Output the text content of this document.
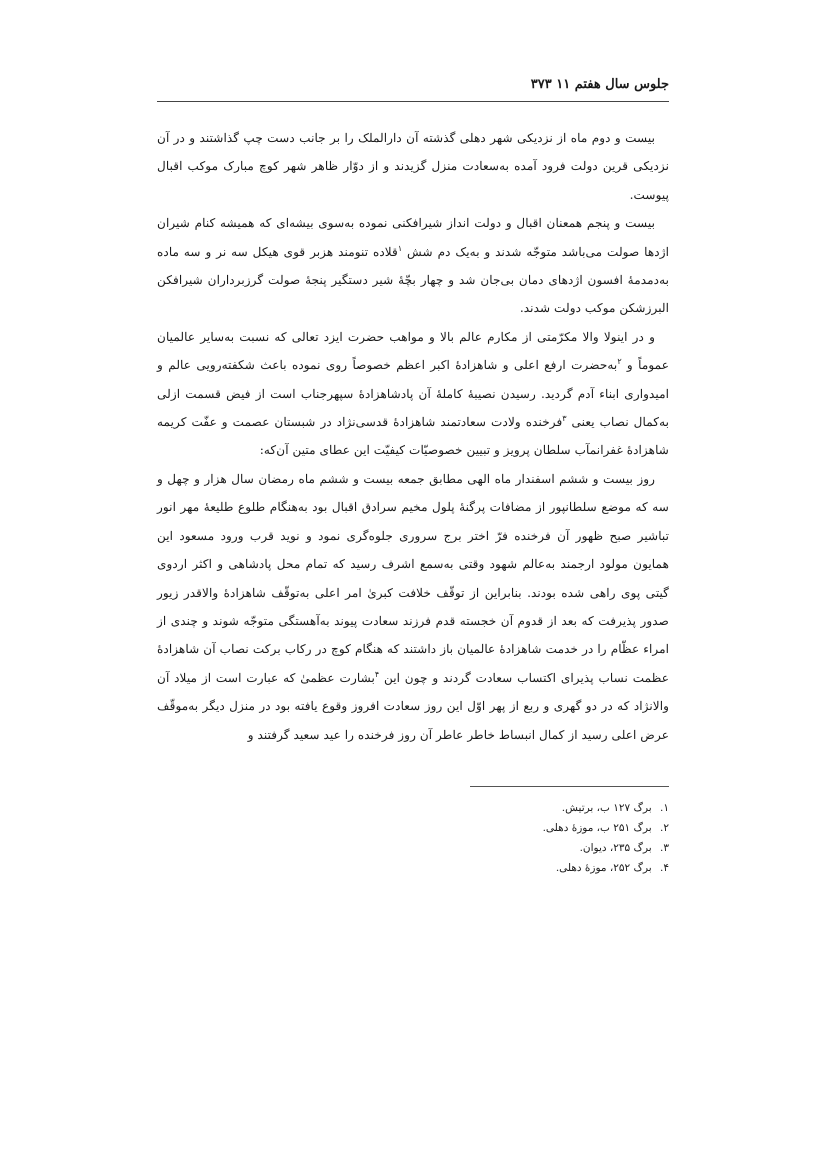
جلوس سال هفتم ۱۱ ۳۷۳

بیست و دوم ماه از نزدیکی شهر دهلی گذشته آن دارالملک را بر جانب دست چپ گذاشتند و در آن نزدیکی قرین دولت فرود آمده به‌سعادت منزل گزیدند و از دوّار ظاهر شهر کوچ مبارک موکب اقبال پیوست.

بیست و پنجم همعنان اقبال و دولت انداز شیرافکنی نموده به‌سوی بیشه‌ای که همیشه کنام شیران اژدها صولت می‌باشد متوجّه شدند و به‌یک دم شش $^۱$قلاده تنومند هزبر قوی هیکل سه نر و سه ماده به‌دمدمهٔ افسون اژدهای دمان بی‌جان شد و چهار بچّهٔ شیر دستگیر پنجهٔ صولت گرزبرداران شیرافکن البرزشکن موکب دولت شدند.

و در اینولا والا مکرّمتی از مکارم عالم بالا و مواهب حضرت ایزد تعالی که نسبت به‌سایر عالمیان عموماً و $^۲$به‌حضرت ارفع اعلی و شاهزادهٔ اکبر اعظم خصوصاً روی نموده باعث شکفته‌رویی عالم و امیدواری ابناء آدم گردید. رسیدن نصیبهٔ کاملهٔ آن پادشاهزادهٔ سپهرجناب است از فیض قسمت ازلی به‌کمال نصاب یعنی $^۳$فرخنده ولادت سعادتمند شاهزادهٔ قدسی‌نژاد در شبستان عصمت و عفّت کریمه شاهزادهٔ غفرانمآب سلطان پرویز و تبیین خصوصیّات کیفیّت این عطای متین آن‌که:

روز بیست و ششم اسفندار ماه الهی مطابق جمعه بیست و ششم ماه رمضان سال هزار و چهل و سه که موضع سلطانپور از مضافات پرگنهٔ پلول مخیم سرادق اقبال بود به‌هنگام طلوع طلیعهٔ مهر انور تباشیر صبح ظهور آن فرخنده فرّ اختر برج سروری جلوه‌گری نمود و نوید قرب ورود مسعود این همایون مولود ارجمند به‌عالم شهود وقتی به‌سمع اشرف رسید که تمام محل پادشاهی و اکثر اردوی گیتی پوی راهی شده بودند. بنابراین از توقّف خلافت کبریٰ امر اعلی به‌توقّف شاهزادهٔ والاقدر زیور صدور پذیرفت که بعد از قدوم آن خجسته قدم فرزند سعادت پیوند به‌آهستگی متوجّه شوند و چندی از امراء عظّام را در خدمت شاهزادهٔ عالمیان باز داشتند که هنگام کوچ در رکاب برکت نصاب آن شاهزادهٔ عظمت نساب پذیرای اکتساب سعادت گردند و چون این $^۴$بشارت عظمیٰ که عبارت است از میلاد آن والانژاد که در دو گهری و ربع از پهر اوّل این روز سعادت افروز وقوع یافته بود در منزل دیگر به‌موقّف عرض اعلی رسید از کمال انبساط خاطر عاطر آن روز فرخنده را عید سعید گرفتند و

۱. برگ ۱۲۷ ب، برتیش.
۲. برگ ۲۵۱ ب، موزهٔ دهلی.
۳. برگ ۲۳۵، دیوان.
۴. برگ ۲۵۲، موزهٔ دهلی.
